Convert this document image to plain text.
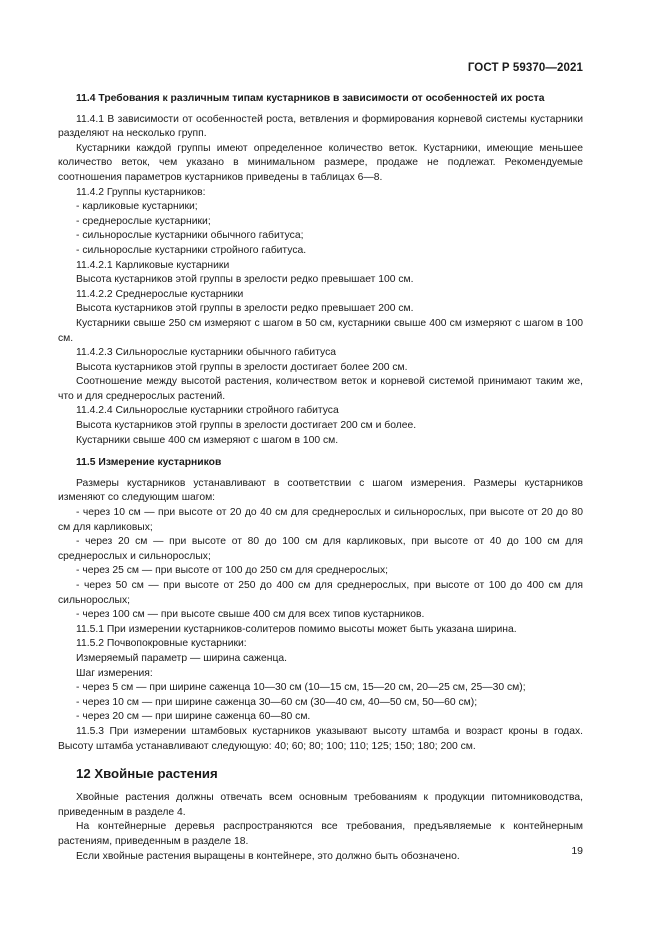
ГОСТ Р 59370—2021
11.4 Требования к различным типам кустарников в зависимости от особенностей их роста

11.4.1 В зависимости от особенностей роста, ветвления и формирования корневой системы кустарники разделяют на несколько групп.

Кустарники каждой группы имеют определенное количество веток. Кустарники, имеющие меньшее количество веток, чем указано в минимальном размере, продаже не подлежат. Рекомендуемые соотношения параметров кустарников приведены в таблицах 6—8.

11.4.2 Группы кустарников:

- карликовые кустарники;

- среднерослые кустарники;

- сильнорослые кустарники обычного габитуса;

- сильнорослые кустарники стройного габитуса.

11.4.2.1 Карликовые кустарники

Высота кустарников этой группы в зрелости редко превышает 100 см.

11.4.2.2 Среднерослые кустарники

Высота кустарников этой группы в зрелости редко превышает 200 см.

Кустарники свыше 250 см измеряют с шагом в 50 см, кустарники свыше 400 см измеряют с шагом в 100 см.

11.4.2.3 Сильнорослые кустарники обычного габитуса

Высота кустарников этой группы в зрелости достигает более 200 см.

Соотношение между высотой растения, количеством веток и корневой системой принимают таким же, что и для среднерослых растений.

11.4.2.4 Сильнорослые кустарники стройного габитуса

Высота кустарников этой группы в зрелости достигает 200 см и более.

Кустарники свыше 400 см измеряют с шагом в 100 см.

11.5 Измерение кустарников

Размеры кустарников устанавливают в соответствии с шагом измерения. Размеры кустарников изменяют со следующим шагом:

- через 10 см — при высоте от 20 до 40 см для среднерослых и сильнорослых, при высоте от 20 до 80 см для карликовых;

- через 20 см — при высоте от 80 до 100 см для карликовых, при высоте от 40 до 100 см для среднерослых и сильнорослых;

- через 25 см — при высоте от 100 до 250 см для среднерослых;

- через 50 см — при высоте от 250 до 400 см для среднерослых, при высоте от 100 до 400 см для сильнорослых;

- через 100 см — при высоте свыше 400 см для всех типов кустарников.

11.5.1 При измерении кустарников-солитеров помимо высоты может быть указана ширина.

11.5.2 Почвопокровные кустарники:

Измеряемый параметр — ширина саженца.

Шаг измерения:

- через 5 см — при ширине саженца 10—30 см (10—15 см, 15—20 см, 20—25 см, 25—30 см);

- через 10 см — при ширине саженца 30—60 см (30—40 см, 40—50 см, 50—60 см);

- через 20 см — при ширине саженца 60—80 см.

11.5.3 При измерении штамбовых кустарников указывают высоту штамба и возраст кроны в годах. Высоту штамба устанавливают следующую: 40; 60; 80; 100; 110; 125; 150; 180; 200 см.

12 Хвойные растения

Хвойные растения должны отвечать всем основным требованиям к продукции питомниководства, приведенным в разделе 4.

На контейнерные деревья распространяются все требования, предъявляемые к контейнерным растениям, приведенным в разделе 18.

Если хвойные растения выращены в контейнере, это должно быть обозначено.	19
